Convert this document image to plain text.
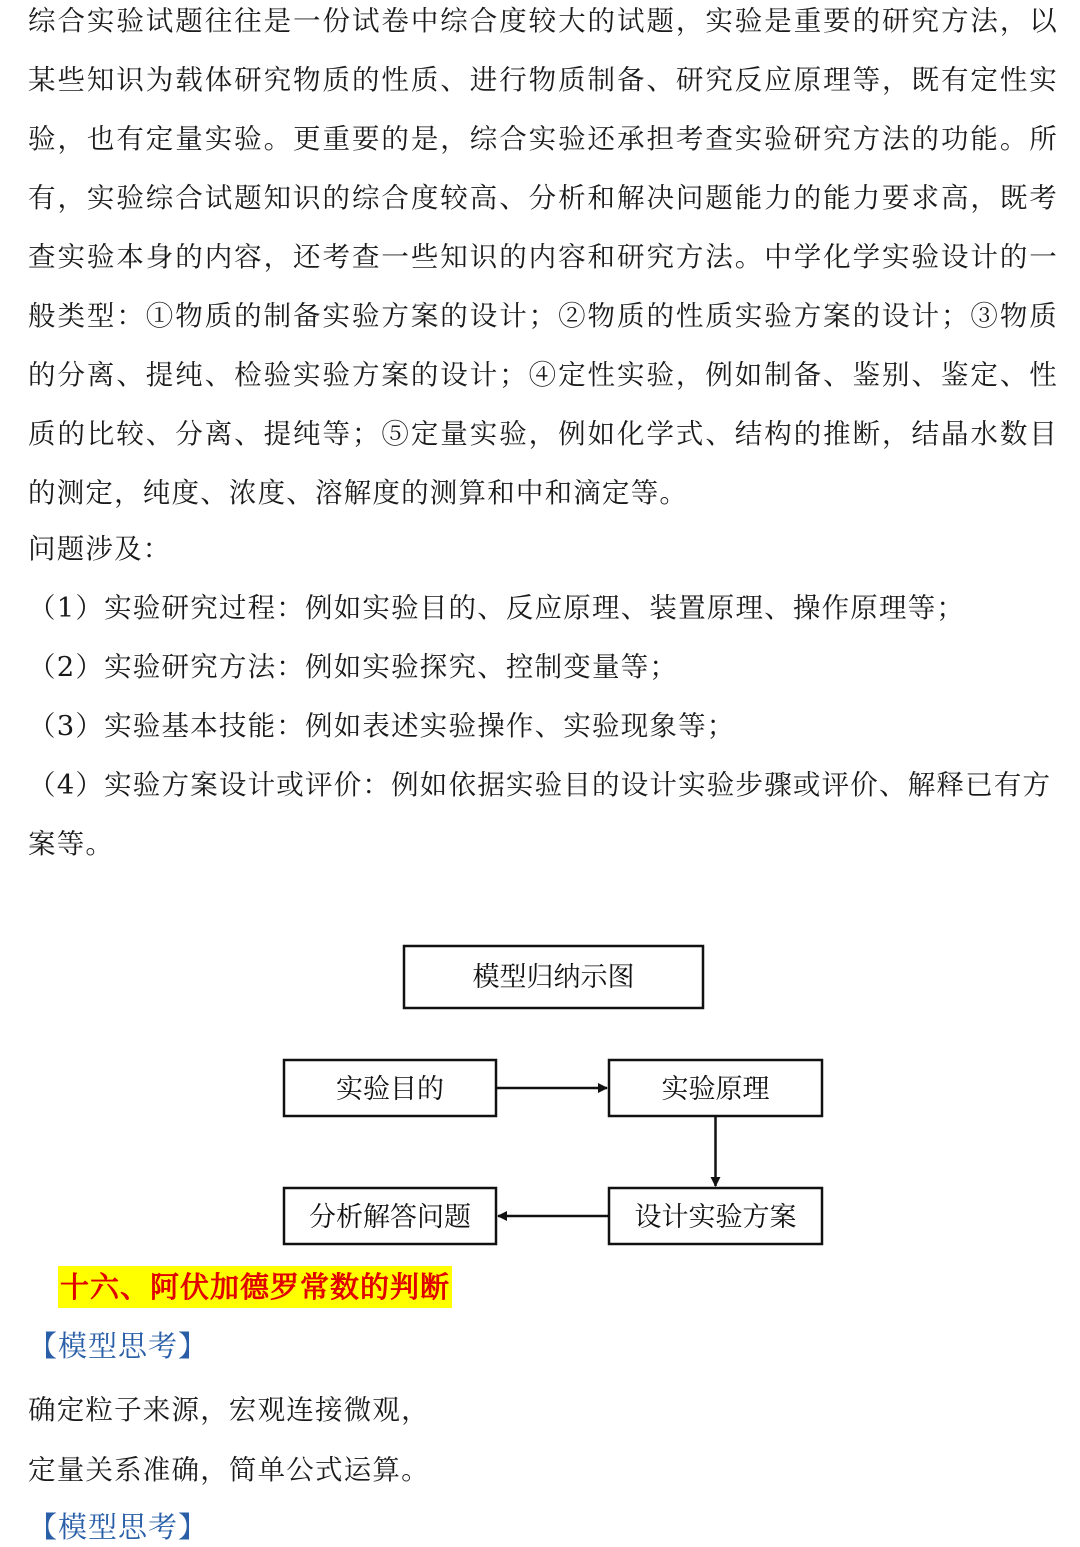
综合实验试题往往是一份试卷中综合度较大的试题，实验是重要的研究方法，以某些知识为载体研究物质的性质、进行物质制备、研究反应原理等，既有定性实验，也有定量实验。更重要的是，综合实验还承担考查实验研究方法的功能。所有，实验综合试题知识的综合度较高、分析和解决问题能力的能力要求高，既考查实验本身的内容，还考查一些知识的内容和研究方法。中学化学实验设计的一般类型：①物质的制备实验方案的设计；②物质的性质实验方案的设计；③物质的分离、提纯、检验实验方案的设计；④定性实验，例如制备、鉴别、鉴定、性质的比较、分离、提纯等；⑤定量实验，例如化学式、结构的推断，结晶水数目的测定，纯度、浓度、溶解度的测算和中和滴定等。

问题涉及：

（1）实验研究过程：例如实验目的、反应原理、装置原理、操作原理等；
（2）实验研究方法：例如实验探究、控制变量等；
（3）实验基本技能：例如表述实验操作、实验现象等；
（4）实验方案设计或评价：例如依据实验目的设计实验步骤或评价、解释已有方案等。
模型归纳示图
实验目的	实验原理
设计实验方案
分析解答问题
十六、阿伏加德罗常数的判断
【模型思考】
确定粒子来源，宏观连接微观，
定量关系准确，简单公式运算。
【模型思考】
